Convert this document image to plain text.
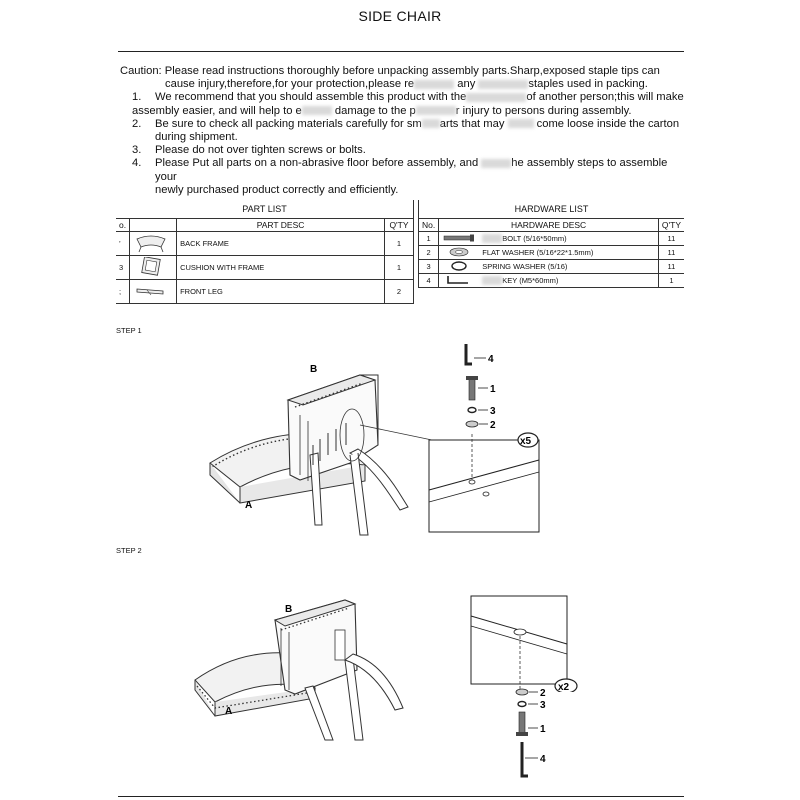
SIDE CHAIR

Caution: Please read instructions thoroughly before unpacking assembly parts.Sharp,exposed staple tips can

cause injury,therefore,for your protection,please re	any	staples used in packing.

1. We recommend that you should assemble this product with the	of another person;this will make

assembly easier, and will help to e	damage to the p	r injury to persons during assembly.

2. Be sure to check all packing materials carefully for sm arts that may	come loose inside the carton

during shipment.

3. Please do not over tighten screws or bolts.

4. Please Put all parts on a non-abrasive floor before assembly, and	he assembly steps to assemble your

newly purchased product correctly and efficiently.

PART LIST			
o.		PART DESC	Q'TY
’		BACK FRAME	1
3		CUSHION WITH FRAME	1
;		FRONT LEG	2
HARDWARE LIST			
No.	HARDWARE DESC		Q'TY
1		BOLT (5/16*50mm)	11
2		FLAT WASHER (5/16*22*1.5mm)	11
3		SPRING WASHER (5/16)	11
4		KEY (M5*60mm)	1
STEP 1
B
A
4
1
3
2
x5
STEP 2
B
A
x2
2
3
1
4
